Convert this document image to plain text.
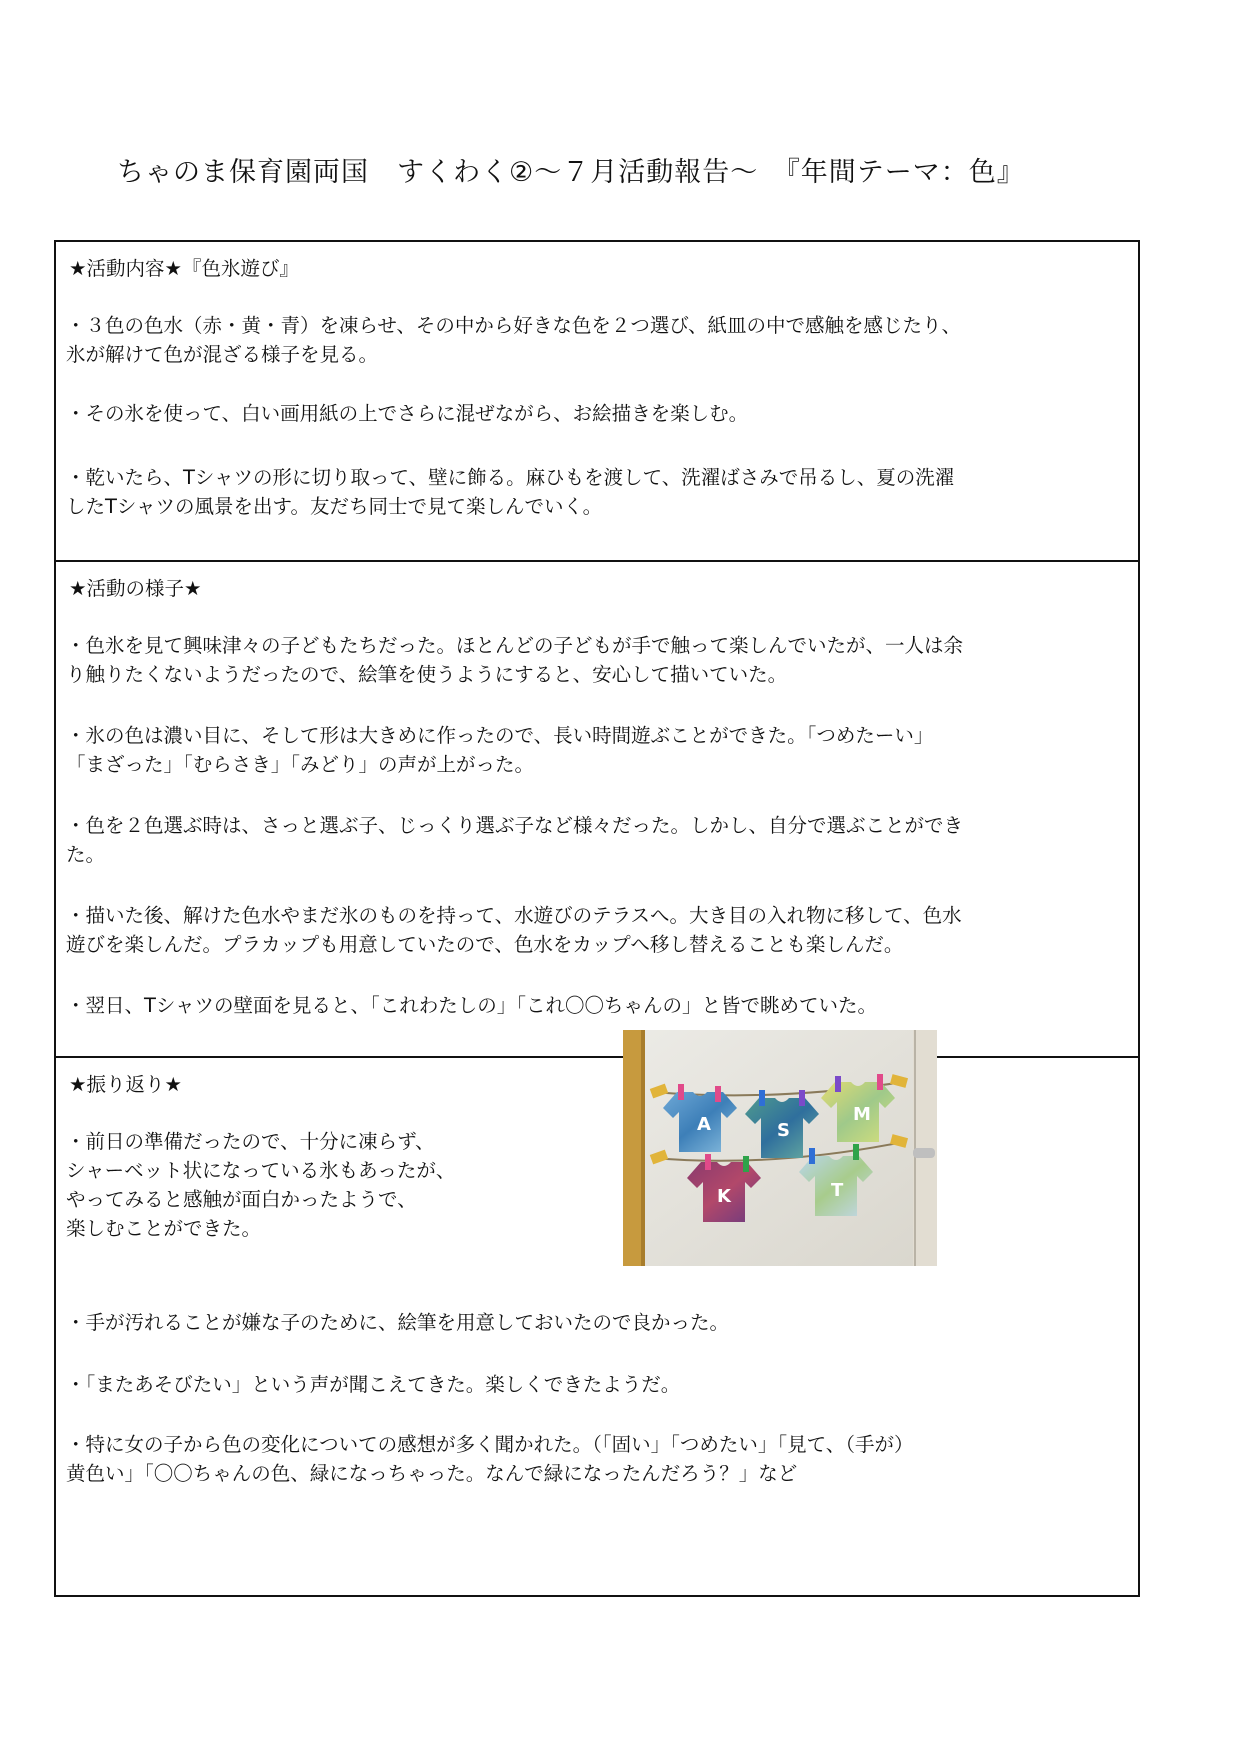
ちゃのま保育園両国　すくわく②～７月活動報告～　『年間テーマ：色』
★活動内容★『色氷遊び』
・３色の色水（赤・黄・青）を凍らせ、その中から好きな色を２つ選び、紙皿の中で感触を感じたり、
氷が解けて色が混ざる様子を見る。
・その氷を使って、白い画用紙の上でさらに混ぜながら、お絵描きを楽しむ。
・乾いたら、Tシャツの形に切り取って、壁に飾る。麻ひもを渡して、洗濯ばさみで吊るし、夏の洗濯
したTシャツの風景を出す。友だち同士で見て楽しんでいく。
★活動の様子★
・色氷を見て興味津々の子どもたちだった。ほとんどの子どもが手で触って楽しんでいたが、一人は余
り触りたくないようだったので、絵筆を使うようにすると、安心して描いていた。
・氷の色は濃い目に、そして形は大きめに作ったので、長い時間遊ぶことができた。「つめたーい」
「まざった」「むらさき」「みどり」の声が上がった。
・色を２色選ぶ時は、さっと選ぶ子、じっくり選ぶ子など様々だった。しかし、自分で選ぶことができ
た。
・描いた後、解けた色水やまだ氷のものを持って、水遊びのテラスへ。大き目の入れ物に移して、色水
遊びを楽しんだ。プラカップも用意していたので、色水をカップへ移し替えることも楽しんだ。
・翌日、Tシャツの壁面を見ると、「これわたしの」「これ〇〇ちゃんの」と皆で眺めていた。
★振り返り★
・前日の準備だったので、十分に凍らず、
シャーベット状になっている氷もあったが、
やってみると感触が面白かったようで、
楽しむことができた。
・手が汚れることが嫌な子のために、絵筆を用意しておいたので良かった。
・「またあそびたい」という声が聞こえてきた。楽しくできたようだ。
・特に女の子から色の変化についての感想が多く聞かれた。（「固い」「つめたい」「見て、（手が）
黄色い」「〇〇ちゃんの色、緑になっちゃった。なんで緑になったんだろう？」など
A	S
M
K	T
